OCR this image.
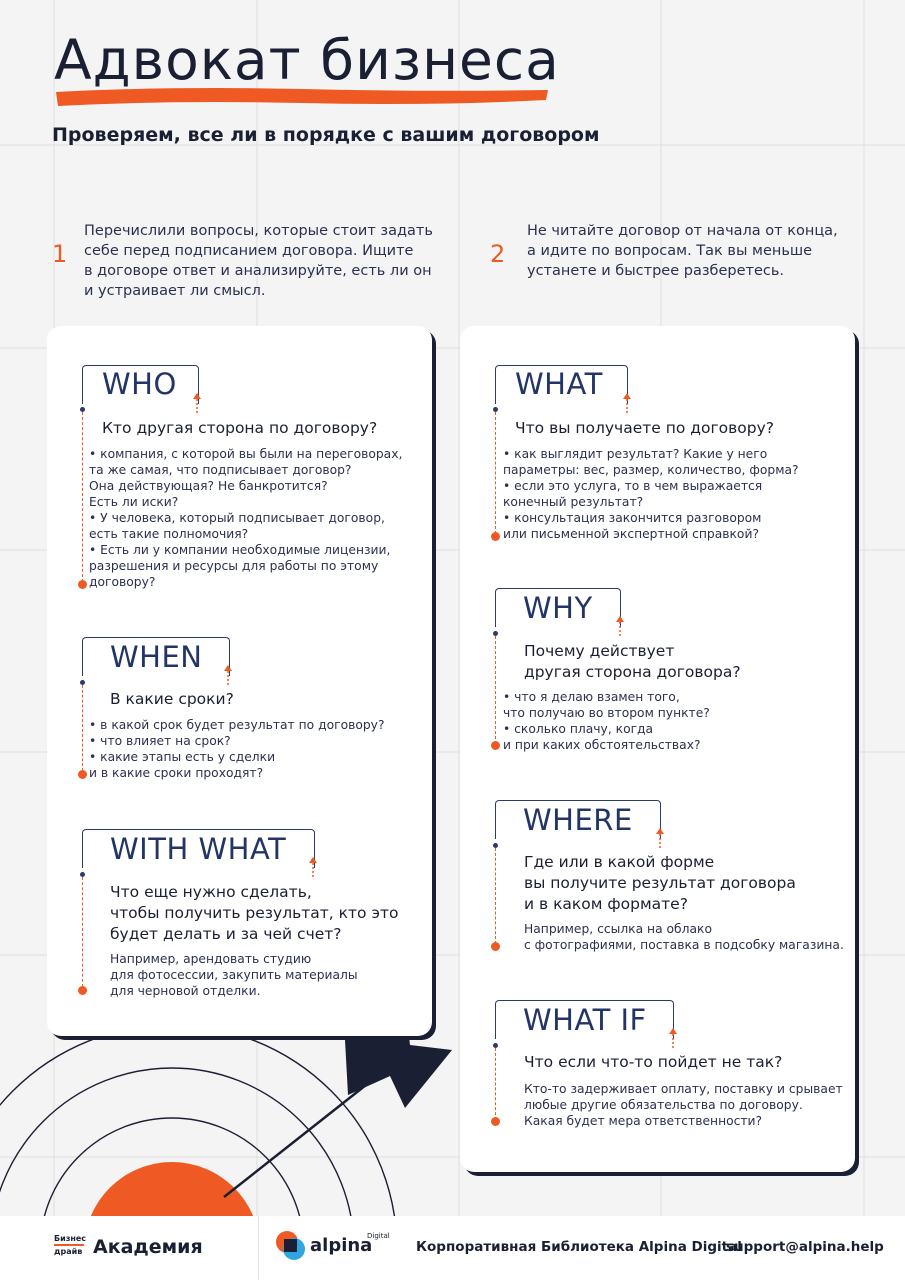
Адвокат бизнеса
Проверяем, все ли в порядке с вашим договором
1
Перечислили вопросы, которые стоит задать
себе перед подписанием договора. Ищите
в договоре ответ и анализируйте, есть ли он
и устраивает ли смысл.
2
Не читайте договор от начала от конца,
а идите по вопросам. Так вы меньше
устанете и быстрее разберетесь.
WHO
Кто другая сторона по договору?
• компания, с которой вы были на переговорах,
та же самая, что подписывает договор?
Она действующая? Не банкротится?
Есть ли иски?
• У человека, который подписывает договор,
есть такие полномочия?
• Есть ли у компании необходимые лицензии,
разрешения и ресурсы для работы по этому
договору?
WHEN
В какие сроки?
• в какой срок будет результат по договору?
• что влияет на срок?
• какие этапы есть у сделки
и в какие сроки проходят?
WITH WHAT
Что еще нужно сделать,
чтобы получить результат, кто это
будет делать и за чей счет?
Например, арендовать студию
для фотосессии, закупить материалы
для черновой отделки.
WHAT
Что вы получаете по договору?
• как выглядит результат? Какие у него
параметры: вес, размер, количество, форма?
• если это услуга, то в чем выражается
конечный результат?
• консультация закончится разговором
или письменной экспертной справкой?
WHY
Почему действует
другая сторона договора?
• что я делаю взамен того,
что получаю во втором пункте?
• сколько плачу, когда
и при каких обстоятельствах?
WHERE
Где или в какой форме
вы получите результат договора
и в каком формате?
Например, ссылка на облако
с фотографиями, поставка в подсобку магазина.
WHAT IF
Что если что-то пойдет не так?
Кто-то задерживает оплату, поставку и срывает
любые другие обязательства по договору.
Какая будет мера ответственности?
Бизнес
драйв Академия	alpina
Digital
Корпоративная Библиотека Alpina Digital
support@alpina.help
